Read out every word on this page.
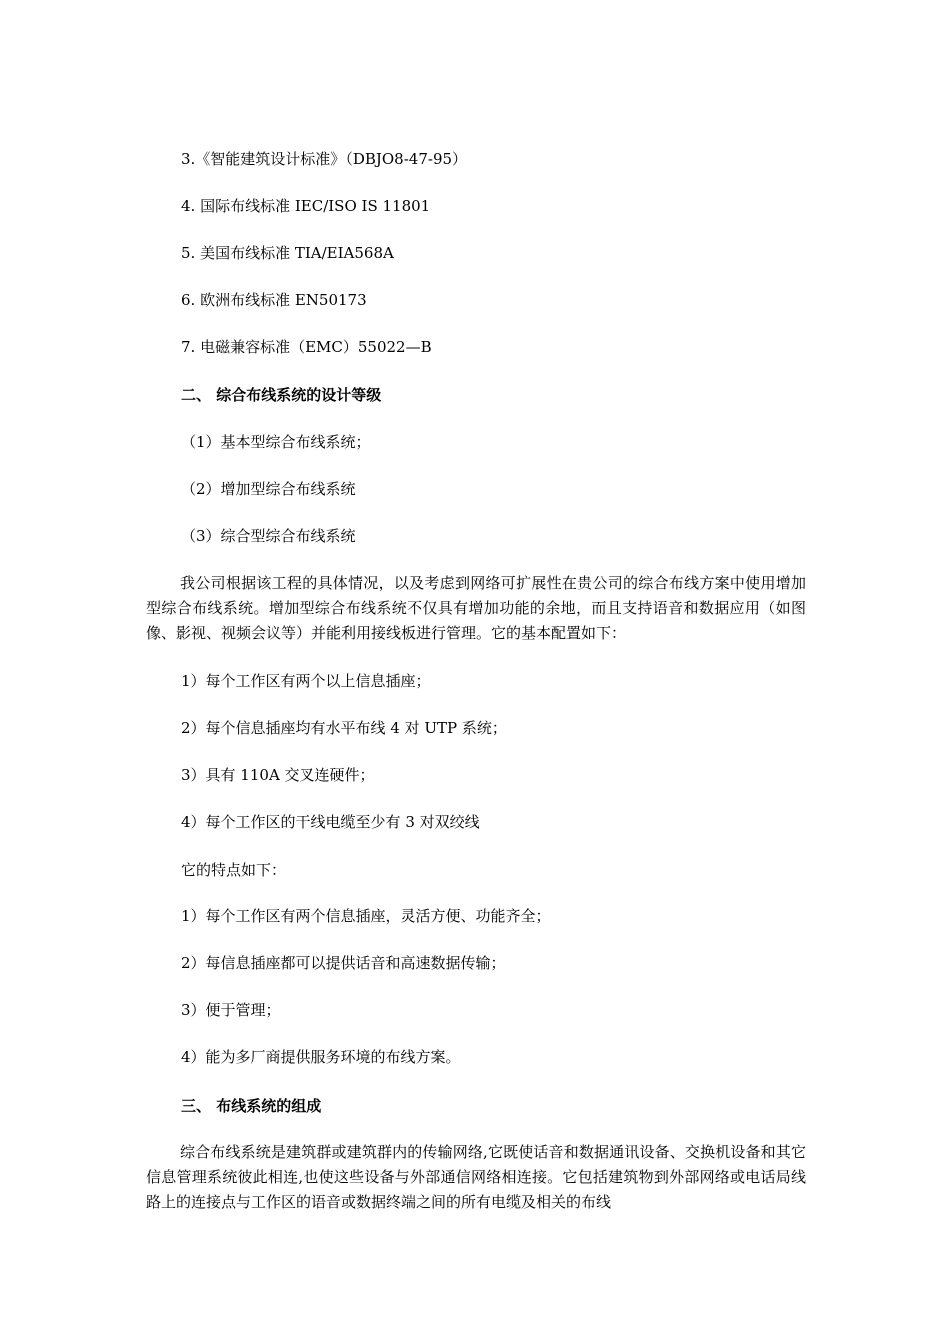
3.《智能建筑设计标准》（DBJO8-47-95）
4. 国际布线标准 IEC/ISO IS 11801
5. 美国布线标准 TIA/EIA568A
6. 欧洲布线标准 EN50173
7. 电磁兼容标准（EMC）55022—B
二、 综合布线系统的设计等级
（1）基本型综合布线系统；
（2）增加型综合布线系统
（3）综合型综合布线系统
我公司根据该工程的具体情况，以及考虑到网络可扩展性在贵公司的综合布线方案中使用增加型综合布线系统。增加型综合布线系统不仅具有增加功能的余地，而且支持语音和数据应用（如图像、影视、视频会议等）并能利用接线板进行管理。它的基本配置如下：
1）每个工作区有两个以上信息插座；
2）每个信息插座均有水平布线 4 对 UTP 系统；
3）具有 110A 交叉连硬件；
4）每个工作区的干线电缆至少有 3 对双绞线
它的特点如下：
1）每个工作区有两个信息插座，灵活方便、功能齐全；
2）每信息插座都可以提供话音和高速数据传输；
3）便于管理；
4）能为多厂商提供服务环境的布线方案。
三、 布线系统的组成
综合布线系统是建筑群或建筑群内的传输网络,它既使话音和数据通讯设备、交换机设备和其它信息管理系统彼此相连,也使这些设备与外部通信网络相连接。它包括建筑物到外部网络或电话局线路上的连接点与工作区的语音或数据终端之间的所有电缆及相关的布线
